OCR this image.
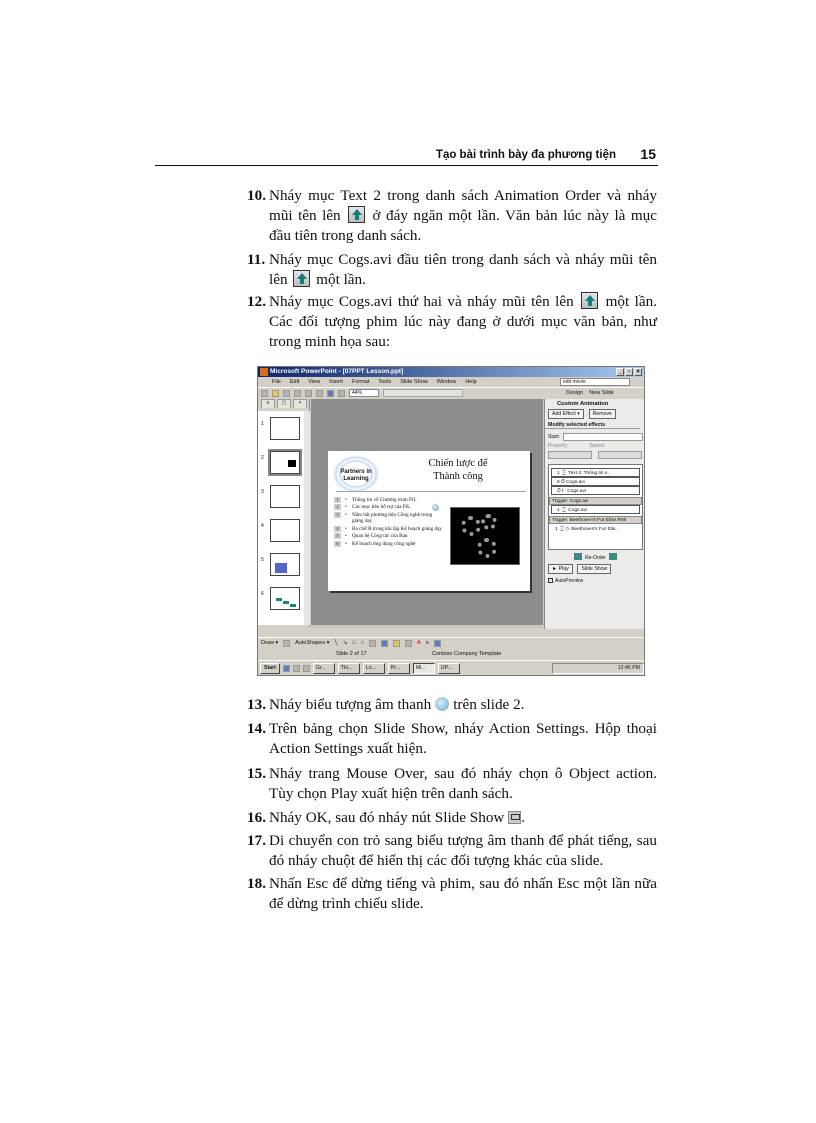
Tạo bài trình bày đa phương tiện 15
10. Nháy mục Text 2 trong danh sách Animation Order và nháy mũi tên lên ở đáy ngăn một lần. Văn bản lúc này là mục đầu tiên trong danh sách.
11. Nháy mục Cogs.avi đầu tiên trong danh sách và nháy mũi tên lên một lần.
12. Nháy mục Cogs.avi thứ hai và nháy mũi tên lên một lần. Các đối tượng phim lúc này đang ở dưới mục văn bản, như trong minh họa sau:
Microsoft PowerPoint - [07PPT Lesson.ppt]	_	▫	×
File Edit View Insert Format Tools Slide Show Window Help	edit movie
44%	Design New Slide
≡	▢	×
1
2
3
4
5
6
Partners in Learning
Chiến lược để
Thành công
1	• Thông tin về Chương trình PiL
2	• Các mục tiêu hỗ trợ của PiL
3	• Nắm bắt phương tiện Công nghệ trong giảng dạy
4	• Ba chữ R trong khi lập Kế hoạch giảng dạy
5	• Quan hệ Công tác của Bạn
6	• Kế hoạch ứng dụng công nghệ
Custom Animation
Add Effect ▾ Remove
Modify selected effects
Start:
Property:	Speed:
1 ⌚ Text 2: Thông tin v...
6 ⏱ Cogs.avi
⏱ ▷ Cogs.avi
Trigger: Cogs.avi
1 ⌚ Cogs.avi
Trigger: Beethoven's Fur Elise.RMI
1 ⌚ ▷ Beethoven's Fur Elis...
Re-Order
► Play Slide Show
AutoPreview
Draw ▾	AutoShapes ▾ ╲ ↘ □ ○	A ≡
Slide 2 of 17	Contoso Company Template
Start	Gr...	TH...	Lo...	Pr...	Mi...	UP...	12:45 PM
13. Nháy biểu tượng âm thanh trên slide 2.
14. Trên bảng chọn Slide Show, nháy Action Settings. Hộp thoại Action Settings xuất hiện.
15. Nháy trang Mouse Over, sau đó nháy chọn ô Object action. Tùy chọn Play xuất hiện trên danh sách.
16. Nháy OK, sau đó nháy nút Slide Show .
17. Di chuyển con trỏ sang biểu tượng âm thanh để phát tiếng, sau đó nháy chuột để hiển thị các đối tượng khác của slide.
18. Nhấn Esc để dừng tiếng và phim, sau đó nhấn Esc một lần nữa để dừng trình chiếu slide.
